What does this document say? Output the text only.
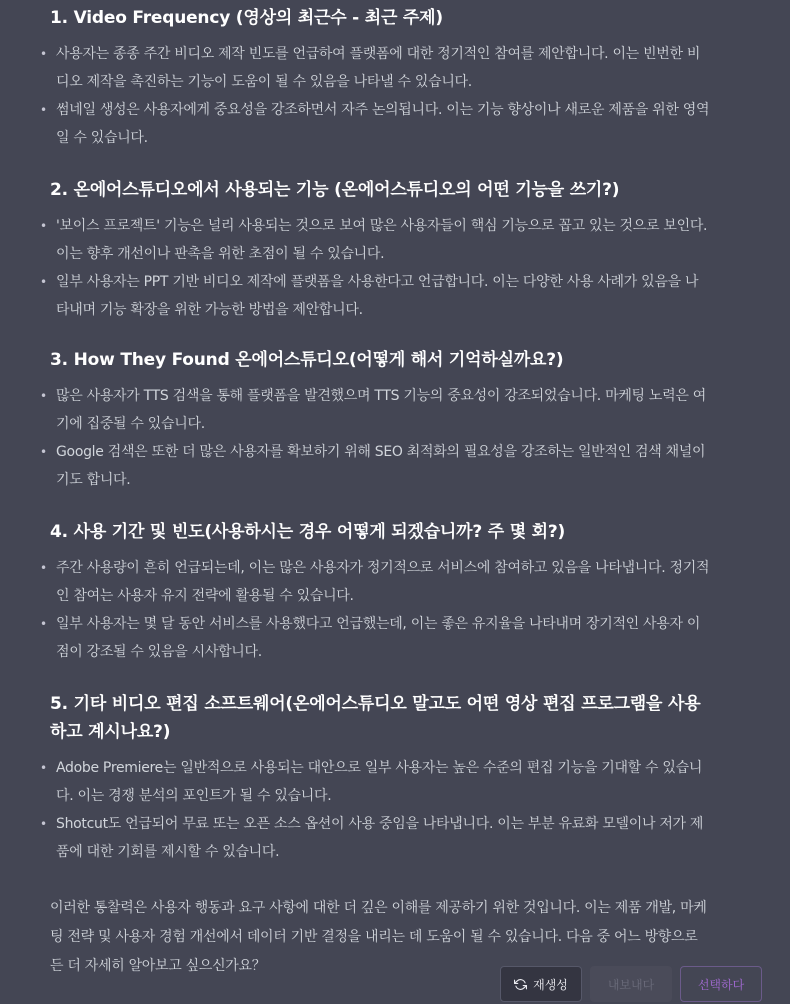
1. Video Frequency (영상의 최근수 - 최근 주제)
• 사용자는 종종 주간 비디오 제작 빈도를 언급하여 플랫폼에 대한 정기적인 참여를 제안합니다. 이는 빈번한 비디오 제작을 촉진하는 기능이 도움이 될 수 있음을 나타낼 수 있습니다.
• 썸네일 생성은 사용자에게 중요성을 강조하면서 자주 논의됩니다. 이는 기능 향상이나 새로운 제품을 위한 영역일 수 있습니다.
2. 온에어스튜디오에서 사용되는 기능 (온에어스튜디오의 어떤 기능을 쓰기?)
• '보이스 프로젝트' 기능은 널리 사용되는 것으로 보여 많은 사용자들이 핵심 기능으로 꼽고 있는 것으로 보인다. 이는 향후 개선이나 판촉을 위한 초점이 될 수 있습니다.
• 일부 사용자는 PPT 기반 비디오 제작에 플랫폼을 사용한다고 언급합니다. 이는 다양한 사용 사례가 있음을 나타내며 기능 확장을 위한 가능한 방법을 제안합니다.
3. How They Found 온에어스튜디오(어떻게 해서 기억하실까요?)
• 많은 사용자가 TTS 검색을 통해 플랫폼을 발견했으며 TTS 기능의 중요성이 강조되었습니다. 마케팅 노력은 여기에 집중될 수 있습니다.
• Google 검색은 또한 더 많은 사용자를 확보하기 위해 SEO 최적화의 필요성을 강조하는 일반적인 검색 채널이기도 합니다.
4. 사용 기간 및 빈도(사용하시는 경우 어떻게 되겠습니까? 주 몇 회?)
• 주간 사용량이 흔히 언급되는데, 이는 많은 사용자가 정기적으로 서비스에 참여하고 있음을 나타냅니다. 정기적인 참여는 사용자 유지 전략에 활용될 수 있습니다.
• 일부 사용자는 몇 달 동안 서비스를 사용했다고 언급했는데, 이는 좋은 유지율을 나타내며 장기적인 사용자 이점이 강조될 수 있음을 시사합니다.
5. 기타 비디오 편집 소프트웨어(온에어스튜디오 말고도 어떤 영상 편집 프로그램을 사용하고 계시나요?)
• Adobe Premiere는 일반적으로 사용되는 대안으로 일부 사용자는 높은 수준의 편집 기능을 기대할 수 있습니다. 이는 경쟁 분석의 포인트가 될 수 있습니다.
• Shotcut도 언급되어 무료 또는 오픈 소스 옵션이 사용 중임을 나타냅니다. 이는 부분 유료화 모델이나 저가 제품에 대한 기회를 제시할 수 있습니다.

이러한 통찰력은 사용자 행동과 요구 사항에 대한 더 깊은 이해를 제공하기 위한 것입니다. 이는 제품 개발, 마케팅 전략 및 사용자 경험 개선에서 데이터 기반 결정을 내리는 데 도움이 될 수 있습니다. 다음 중 어느 방향으로든 더 자세히 알아보고 싶으신가요？

재생성	내보내다	선택하다
